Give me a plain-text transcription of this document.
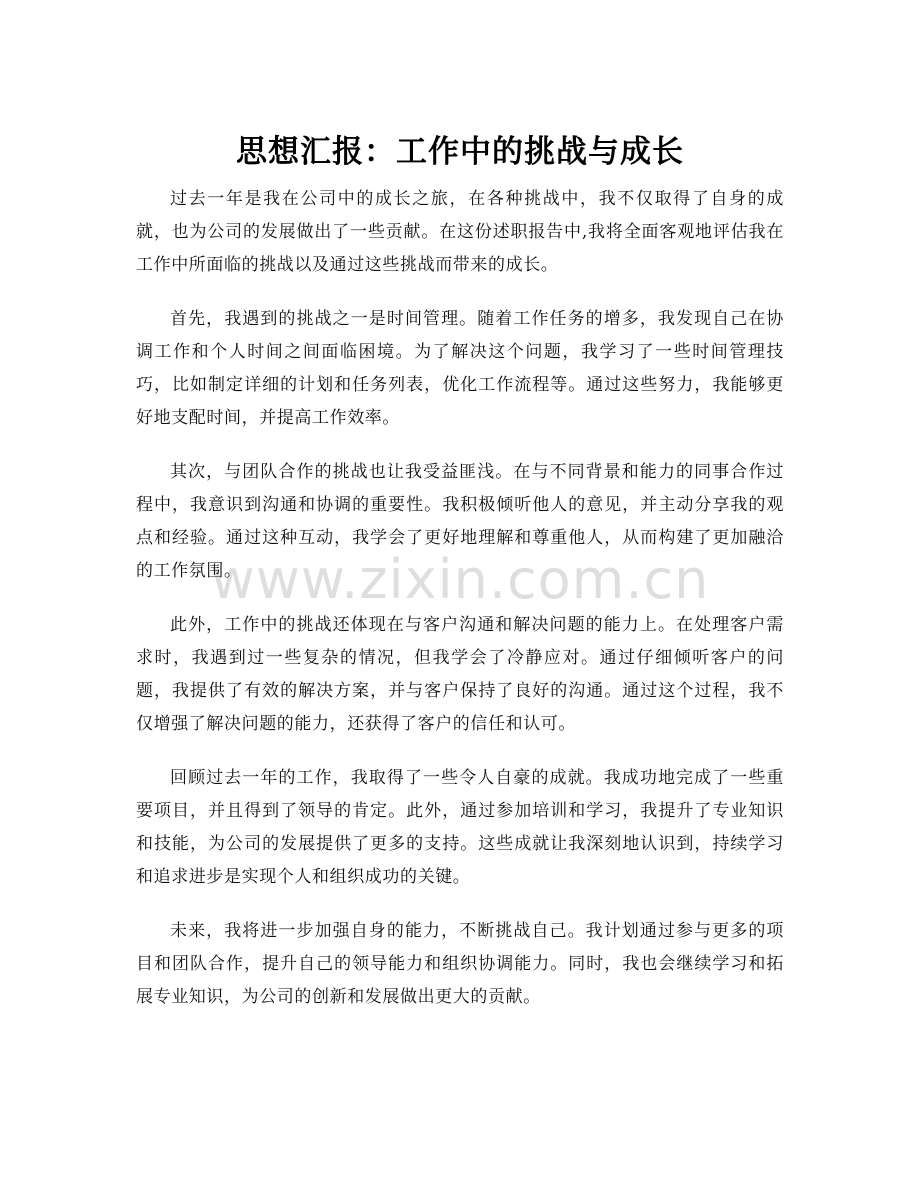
思想汇报：工作中的挑战与成长

过去一年是我在公司中的成长之旅，在各种挑战中，我不仅取得了自身的成就，也为公司的发展做出了一些贡献。在这份述职报告中,我将全面客观地评估我在工作中所面临的挑战以及通过这些挑战而带来的成长。

首先，我遇到的挑战之一是时间管理。随着工作任务的增多，我发现自己在协调工作和个人时间之间面临困境。为了解决这个问题，我学习了一些时间管理技巧，比如制定详细的计划和任务列表，优化工作流程等。通过这些努力，我能够更好地支配时间，并提高工作效率。

其次，与团队合作的挑战也让我受益匪浅。在与不同背景和能力的同事合作过程中，我意识到沟通和协调的重要性。我积极倾听他人的意见，并主动分享我的观点和经验。通过这种互动，我学会了更好地理解和尊重他人，从而构建了更加融洽的工作氛围。

此外，工作中的挑战还体现在与客户沟通和解决问题的能力上。在处理客户需求时，我遇到过一些复杂的情况，但我学会了冷静应对。通过仔细倾听客户的问题，我提供了有效的解决方案，并与客户保持了良好的沟通。通过这个过程，我不仅增强了解决问题的能力，还获得了客户的信任和认可。

回顾过去一年的工作，我取得了一些令人自豪的成就。我成功地完成了一些重要项目，并且得到了领导的肯定。此外，通过参加培训和学习，我提升了专业知识和技能，为公司的发展提供了更多的支持。这些成就让我深刻地认识到，持续学习和追求进步是实现个人和组织成功的关键。

未来，我将进一步加强自身的能力，不断挑战自己。我计划通过参与更多的项目和团队合作，提升自己的领导能力和组织协调能力。同时，我也会继续学习和拓展专业知识，为公司的创新和发展做出更大的贡献。

www.zixin.com.cn
